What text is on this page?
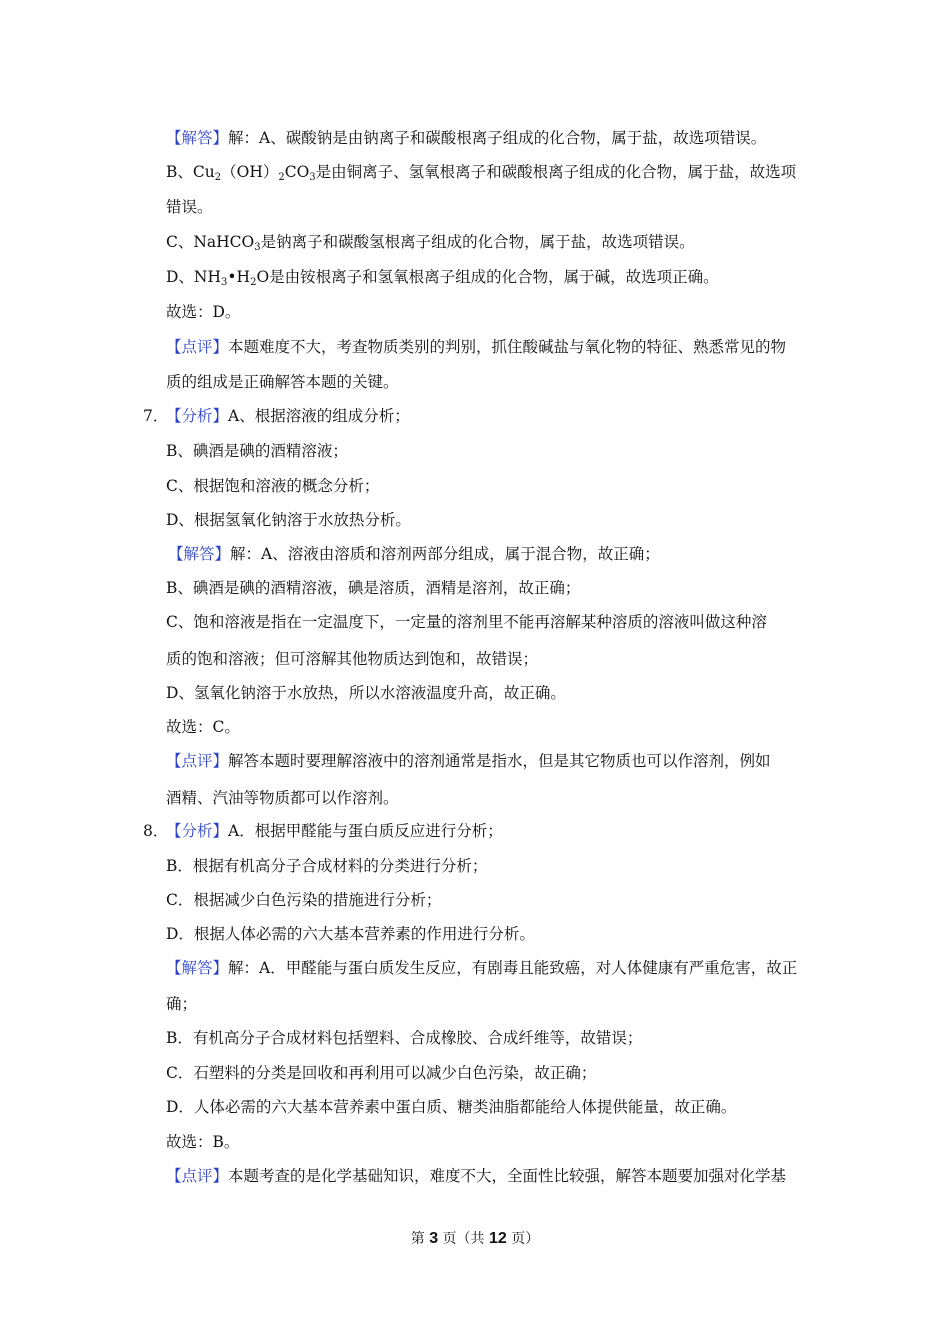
【解答】解：A、碳酸钠是由钠离子和碳酸根离子组成的化合物，属于盐，故选项错误。
B、$Cu_2(OH)_2CO_3$是由铜离子、氢氧根离子和碳酸根离子组成的化合物，属于盐，故选项
错误。
C、NaHCO$_3$是钠离子和碳酸氢根离子组成的化合物，属于盐，故选项错误。
D、$NH_3•H_2O$是由铵根离子和氢氧根离子组成的化合物，属于碱，故选项正确。
故选：D。
【点评】本题难度不大，考查物质类别的判别，抓住酸碱盐与氧化物的特征、熟悉常见的物
质的组成是正确解答本题的关键。
7．
【分析】A、根据溶液的组成分析；
B、碘酒是碘的酒精溶液；
C、根据饱和溶液的概念分析；
D、根据氢氧化钠溶于水放热分析。
【解答】解：A、溶液由溶质和溶剂两部分组成，属于混合物，故正确；
B、碘酒是碘的酒精溶液，碘是溶质，酒精是溶剂，故正确；
C、饱和溶液是指在一定温度下，一定量的溶剂里不能再溶解某种溶质的溶液叫做这种溶
质的饱和溶液；但可溶解其他物质达到饱和，故错误；
D、氢氧化钠溶于水放热，所以水溶液温度升高，故正确。
故选：C。
【点评】解答本题时要理解溶液中的溶剂通常是指水，但是其它物质也可以作溶剂，例如
酒精、汽油等物质都可以作溶剂。
8．
【分析】A．根据甲醛能与蛋白质反应进行分析；
B．根据有机高分子合成材料的分类进行分析；
C．根据减少白色污染的措施进行分析；
D．根据人体必需的六大基本营养素的作用进行分析。
【解答】解：A．甲醛能与蛋白质发生反应，有剧毒且能致癌，对人体健康有严重危害，故正
确；
B．有机高分子合成材料包括塑料、合成橡胶、合成纤维等，故错误；
C．石塑料的分类是回收和再利用可以减少白色污染，故正确；
D．人体必需的六大基本营养素中蛋白质、糖类油脂都能给人体提供能量，故正确。
故选：B。
【点评】本题考查的是化学基础知识，难度不大，全面性比较强，解答本题要加强对化学基
第 3 页（共 12 页）
